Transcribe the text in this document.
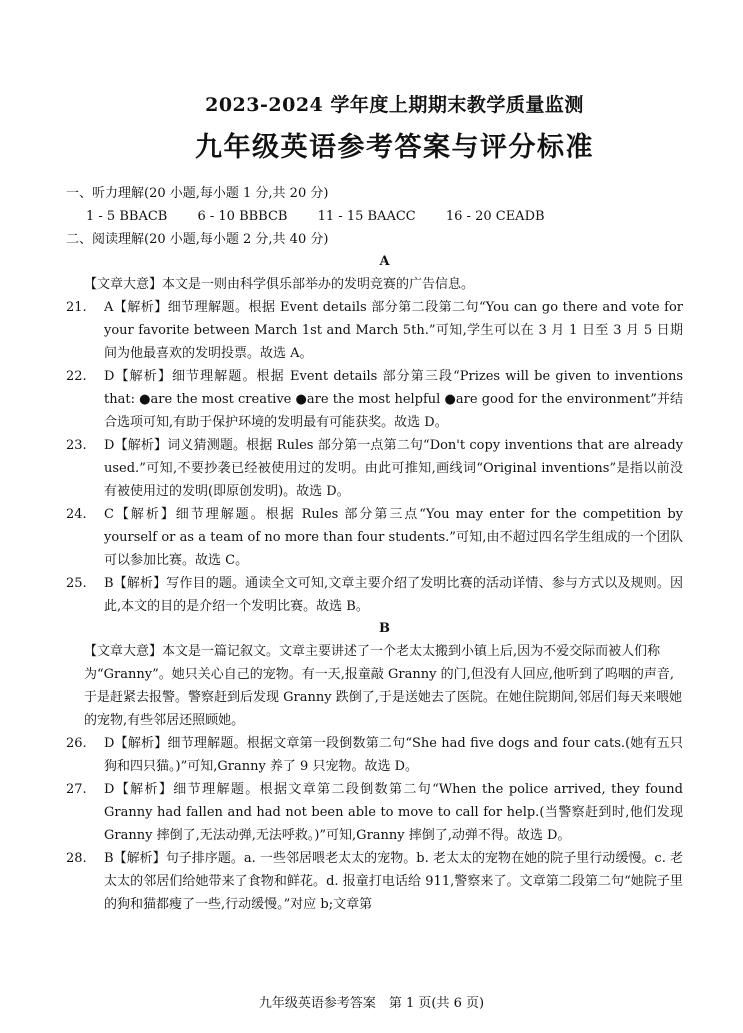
2023-2024 学年度上期期末教学质量监测
九年级英语参考答案与评分标准
一、听力理解(20 小题,每小题 1 分,共 20 分)
1 - 5 BBACB 6 - 10 BBBCB 11 - 15 BAACC 16 - 20 CEADB
二、阅读理解(20 小题,每小题 2 分,共 40 分)
A
【文章大意】本文是一则由科学俱乐部举办的发明竞赛的广告信息。
21.	A【解析】细节理解题。根据 Event details 部分第二段第二句“You can go there and vote for your favorite between March 1st and March 5th.”可知,学生可以在 3 月 1 日至 3 月 5 日期间为他最喜欢的发明投票。故选 A。
22.	D【解析】细节理解题。根据 Event details 部分第三段“Prizes will be given to inventions that: ●are the most creative ●are the most helpful ●are good for the environment”并结合选项可知,有助于保护环境的发明最有可能获奖。故选 D。
23.	D【解析】词义猜测题。根据 Rules 部分第一点第二句“Don't copy inventions that are already used.”可知,不要抄袭已经被使用过的发明。由此可推知,画线词“Original inventions”是指以前没有被使用过的发明(即原创发明)。故选 D。
24.	C【解析】细节理解题。根据 Rules 部分第三点“You may enter for the competition by yourself or as a team of no more than four students.”可知,由不超过四名学生组成的一个团队可以参加比赛。故选 C。
25.	B【解析】写作目的题。通读全文可知,文章主要介绍了发明比赛的活动详情、参与方式以及规则。因此,本文的目的是介绍一个发明比赛。故选 B。
B
【文章大意】本文是一篇记叙文。文章主要讲述了一个老太太搬到小镇上后,因为不爱交际而被人们称为“Granny”。她只关心自己的宠物。有一天,报童敲 Granny 的门,但没有人回应,他听到了呜咽的声音,于是赶紧去报警。警察赶到后发现 Granny 跌倒了,于是送她去了医院。在她住院期间,邻居们每天来喂她的宠物,有些邻居还照顾她。
26.	D【解析】细节理解题。根据文章第一段倒数第二句“She had five dogs and four cats.(她有五只狗和四只猫。)”可知,Granny 养了 9 只宠物。故选 D。
27.	D【解析】细节理解题。根据文章第二段倒数第二句“When the police arrived, they found Granny had fallen and had not been able to move to call for help.(当警察赶到时,他们发现 Granny 摔倒了,无法动弹,无法呼救。)”可知,Granny 摔倒了,动弹不得。故选 D。
28.	B【解析】句子排序题。a. 一些邻居喂老太太的宠物。b. 老太太的宠物在她的院子里行动缓慢。c. 老太太的邻居们给她带来了食物和鲜花。d. 报童打电话给 911,警察来了。文章第二段第二句“她院子里的狗和猫都瘦了一些,行动缓慢。”对应 b;文章第
九年级英语参考答案　第 1 页(共 6 页)
